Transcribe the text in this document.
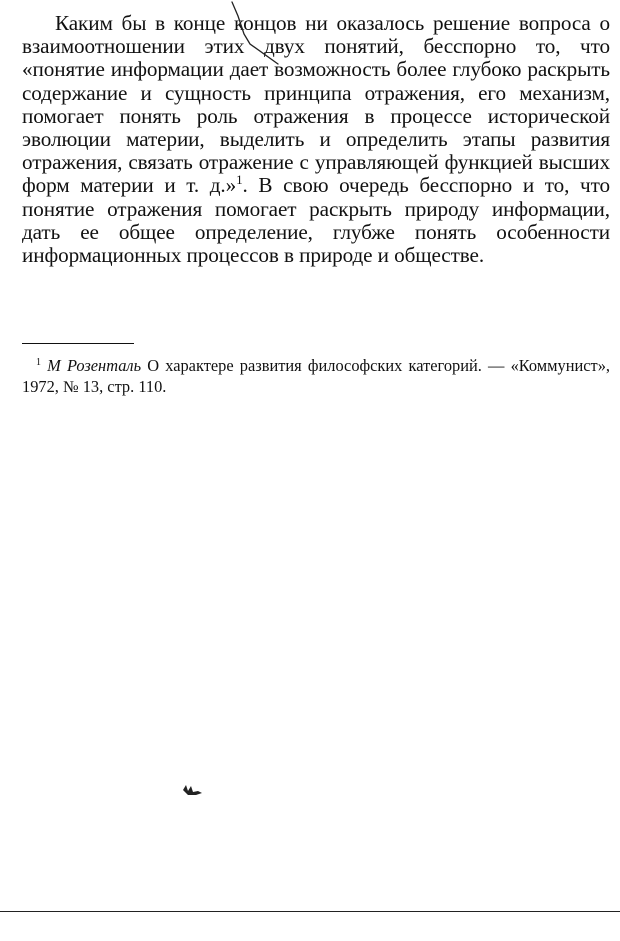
Каким бы в конце концов ни оказалось решение вопроса о взаимоотношении этих двух понятий, бесспорно то, что «понятие информации дает возможность более глубоко раскрыть содержание и сущность принципа отражения, его механизм, помогает понять роль отражения в процессе исторической эволюции материи, выделить и определить этапы развития отражения, связать отражение с управляющей функцией высших форм материи и т. д.»$^1$. В свою очередь бесспорно и то, что понятие отражения помогает раскрыть природу информации, дать ее общее определение, глубже понять особенности информационных процессов в природе и обществе.

$^1$ М Розенталь О характере развития философских категорий. — «Коммунист», 1972, № 13, стр. 110.
